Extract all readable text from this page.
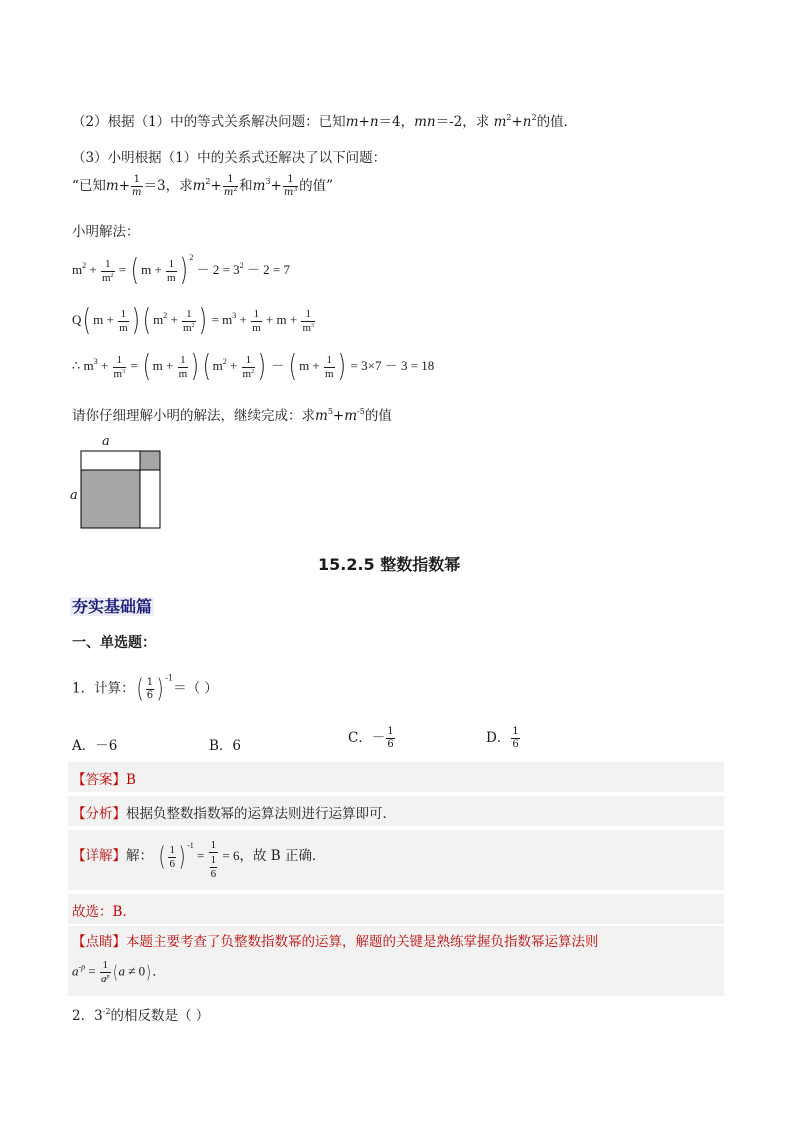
（2）根据（1）中的等式关系解决问题：已知m+n＝4，mn＝-2，求 $m^2+n^2$的值．
（3）小明根据（1）中的关系式还解决了以下问题：
“已知$m+ \frac{1}{m} =3$，求$m^2+ \frac{1}{m^2}$ 和$m^3+ \frac{1}{m^3}$ 的值”
小明解法：
$m^2 + \frac{1}{m^2}$ = ( $m + \frac{1}{m}$ ) $^2 - 2 = 3^2 - 2 = 7$
Q( $m + \frac{1}{m}$ ) ( $m^2 + \frac{1}{m^2}$ ) = $m^3 + \frac{1}{m} + m + \frac{1}{m^3}$
∴ $m^3 + \frac{1}{m^3}$ = ( $m + \frac{1}{m}$ ) ( $m^2 + \frac{1}{m^2}$ ) － ( $m + \frac{1}{m}$ ) = 3×7 － 3 = 18
请你仔细理解小明的解法，继续完成：求$m^5+m^{-5}$的值
a
a
15.2.5 整数指数幂
夯实基础篇
一、单选题：
1．计算：( $\frac{1}{6}$ ) $^{-1}$＝（ ）
A．－6	B．6	C．－ $\frac{1}{6}$	D． $\frac{1}{6}$
【答案】B
【分析】根据负整数指数幂的运算法则进行运算即可．
【详解】解： ( $\frac{1}{6}$ ) $^{-1} = \frac{1}{\frac{1}{6}} = 6$，故 B 正确．
故选：B．
【点睛】本题主要考查了负整数指数幂的运算，解题的关键是熟练掌握负指数幂运算法则
$a^{-p} = \frac{1}{a^p} (a \ne 0)$．
2．$3^{-2}$的相反数是（ ）
